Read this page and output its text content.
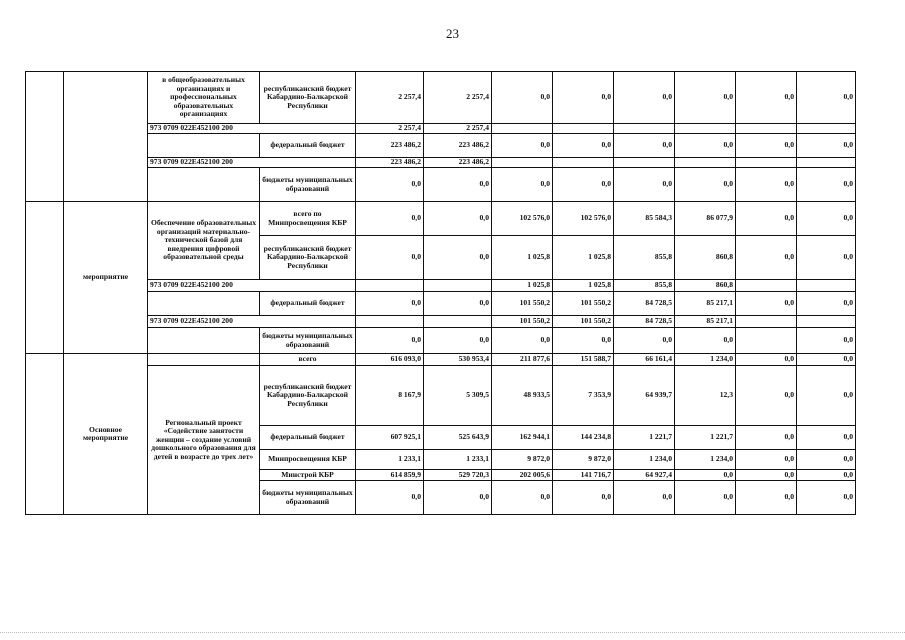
23
		в общеобразовательных организациях и профессиональных образовательных организациях	республиканский бюджет Кабардино-Балкарской Республики	2 257,4	2 257,4	0,0	0,0	0,0	0,0	0,0	0,0
		973 0709 022E452100 200		2 257,4	2 257,4						
			федеральный бюджет	223 486,2	223 486,2	0,0	0,0	0,0	0,0	0,0	0,0
		973 0709 022E452100 200		223 486,2	223 486,2						
			бюджеты муниципальных образований	0,0	0,0	0,0	0,0	0,0	0,0	0,0	0,0
	мероприятие	Обеспечение образовательных организаций материально-технической базой для внедрения цифровой образовательной среды	всего по Минпросвещения КБР	0,0	0,0	102 576,0	102 576,0	85 584,3	86 077,9	0,0	0,0
			республиканский бюджет Кабардино-Балкарской Республики	0,0	0,0	1 025,8	1 025,8	855,8	860,8	0,0	0,0
		973 0709 022E452100 200				1 025,8	1 025,8	855,8	860,8		
			федеральный бюджет	0,0	0,0	101 550,2	101 550,2	84 728,5	85 217,1	0,0	0,0
		973 0709 022E452100 200				101 550,2	101 550,2	84 728,5	85 217,1		
			бюджеты муниципальных образований	0,0	0,0	0,0	0,0	0,0	0,0		0,0
	Основное мероприятие		всего	616 093,0	530 953,4	211 877,6	151 588,7	66 161,4	1 234,0	0,0	0,0
		Региональный проект «Содействие занятости женщин – создание условий дошкольного образования для детей в возрасте до трех лет»	республиканский бюджет Кабардино-Балкарской Республики	8 167,9	5 309,5	48 933,5	7 353,9	64 939,7	12,3	0,0	0,0
			федеральный бюджет	607 925,1	525 643,9	162 944,1	144 234,8	1 221,7	1 221,7	0,0	0,0
			Минпросвещения КБР	1 233,1	1 233,1	9 872,0	9 872,0	1 234,0	1 234,0	0,0	0,0
			Минстрой КБР	614 859,9	529 720,3	202 005,6	141 716,7	64 927,4	0,0	0,0	0,0
			бюджеты муниципальных образований	0,0	0,0	0,0	0,0	0,0	0,0	0,0	0,0
